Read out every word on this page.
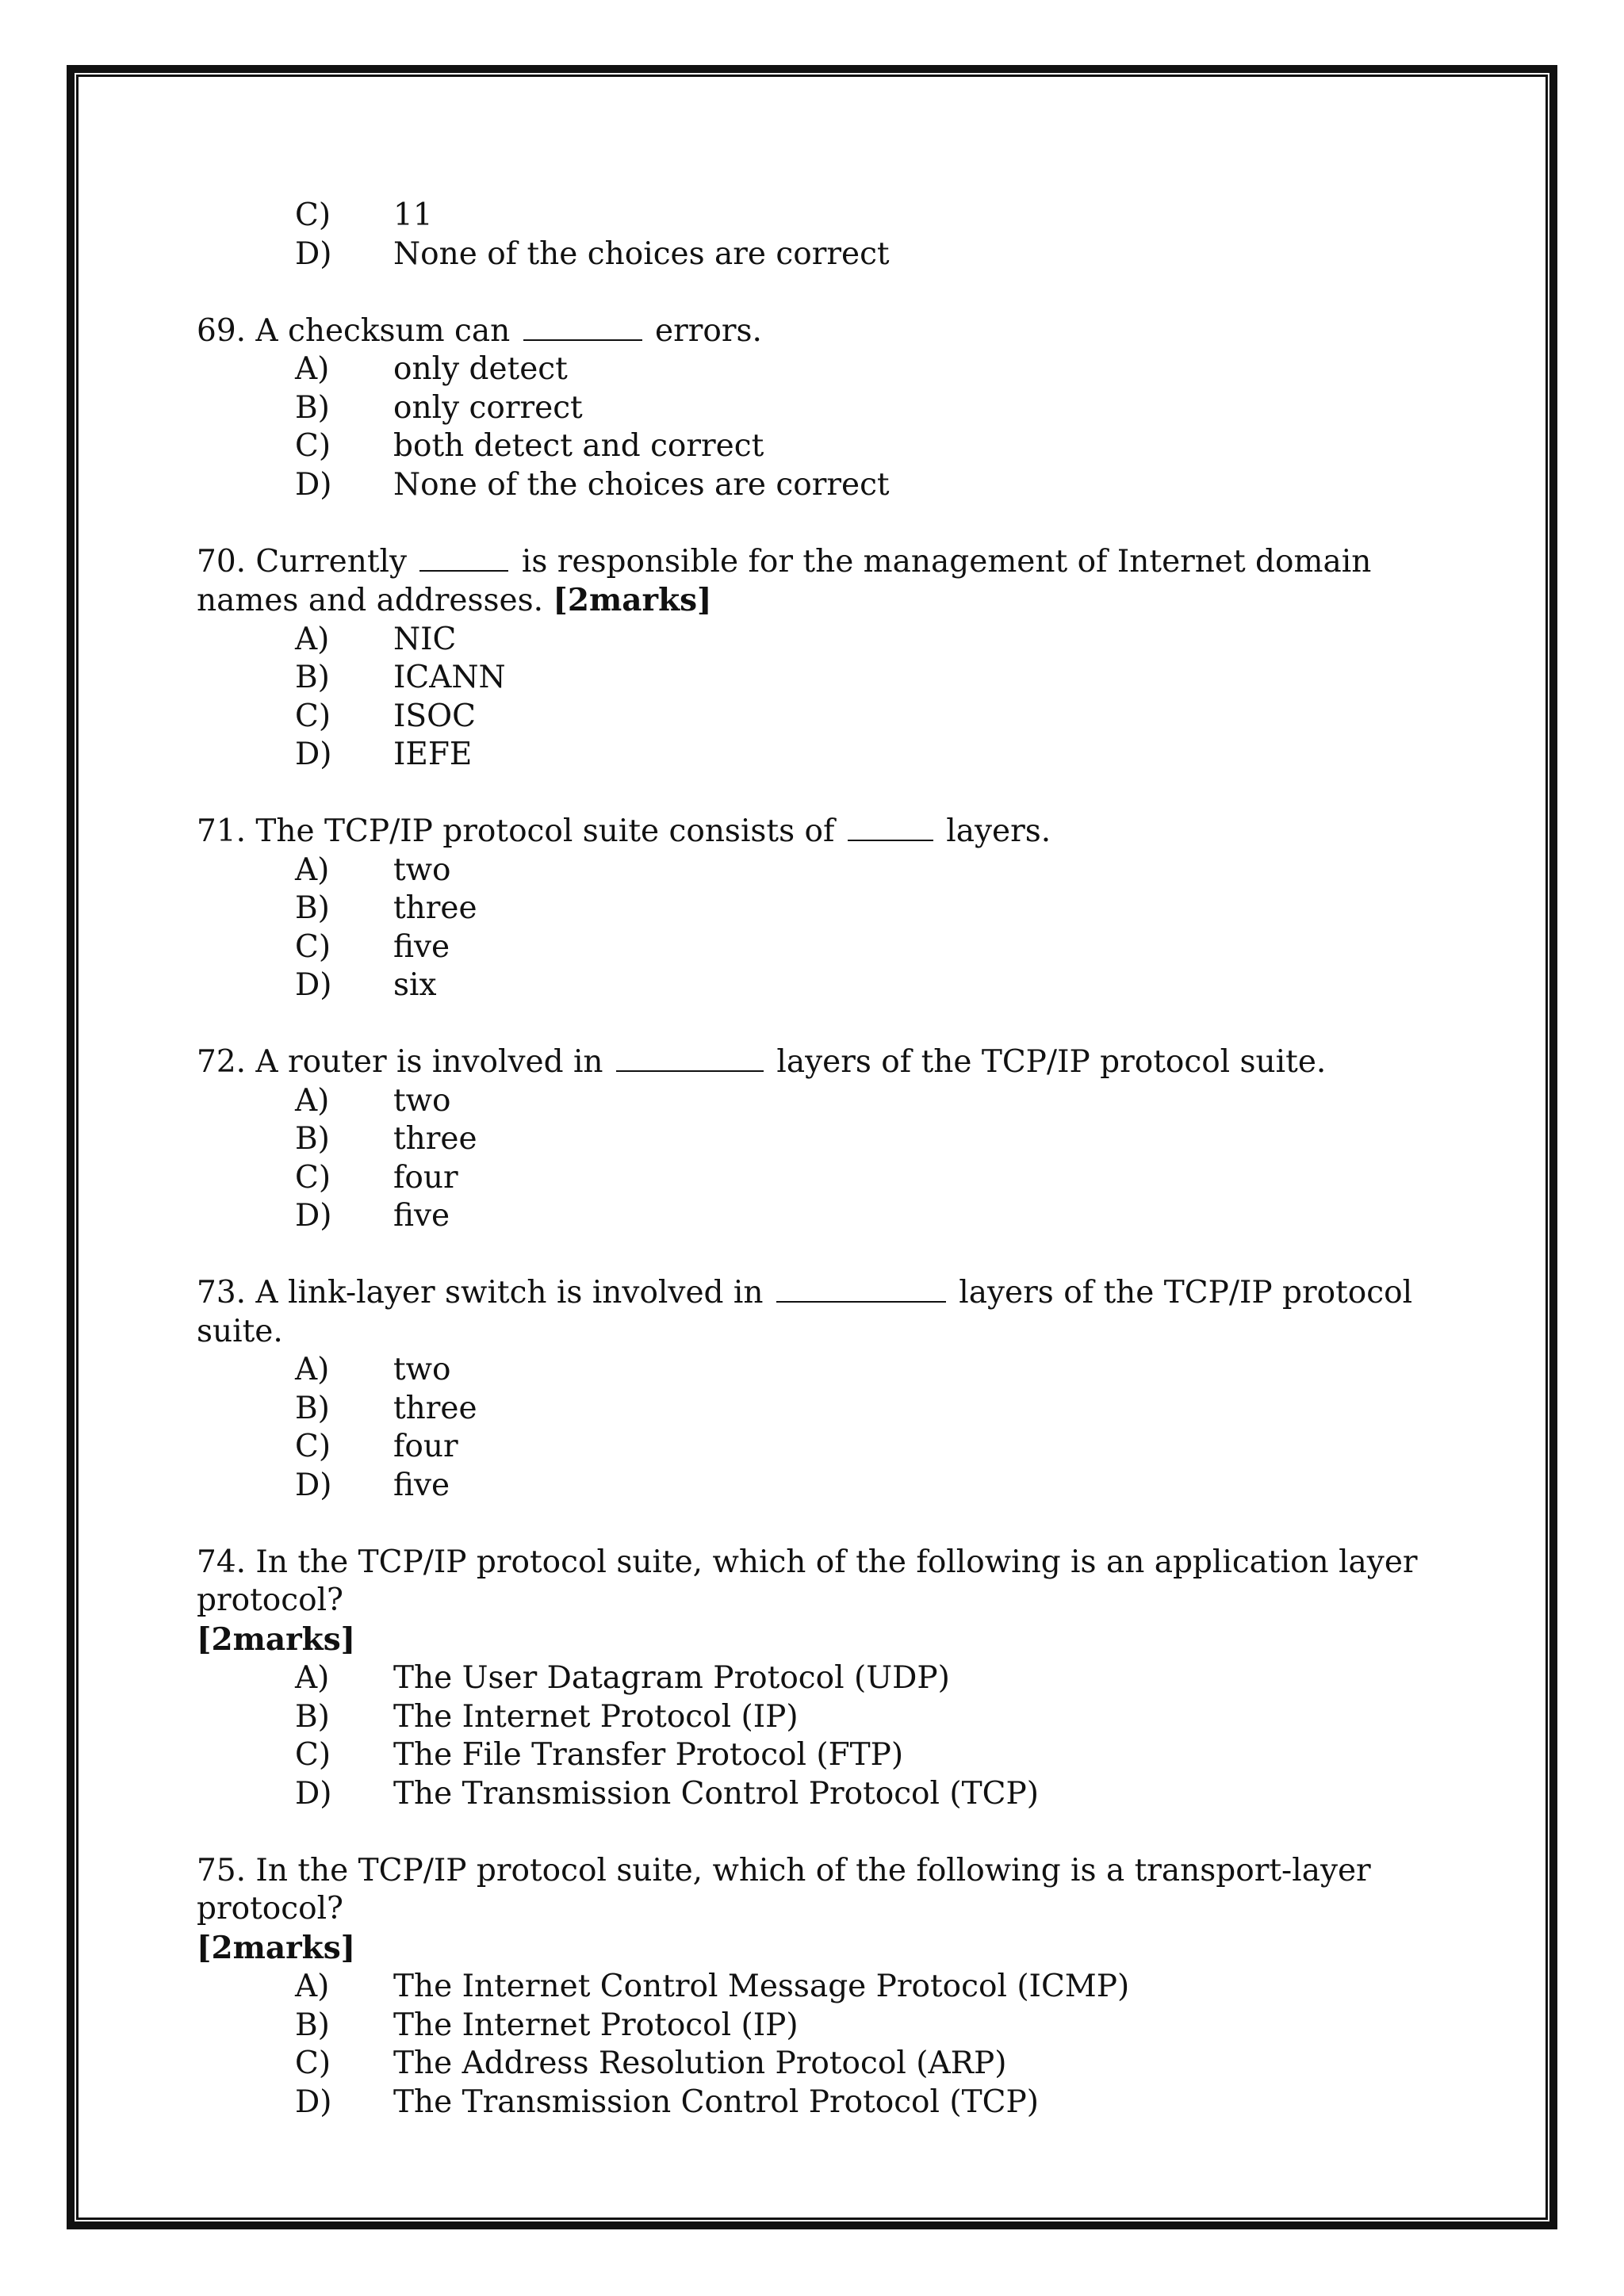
C)	11
D)	None of the choices are correct
69. A checksum can	errors.
A)	only detect
B)	only correct
C)	both detect and correct
D)	None of the choices are correct
70. Currently	is responsible for the management of Internet domain names and addresses. [2marks]
A)	NIC
B)	ICANN
C)	ISOC
D)	IEFE
71. The TCP/IP protocol suite consists of	layers.
A)	two
B)	three
C)	five
D)	six
72. A router is involved in	layers of the TCP/IP protocol suite.
A)	two
B)	three
C)	four
D)	five
73. A link-layer switch is involved in	layers of the TCP/IP protocol suite.
A)	two
B)	three
C)	four
D)	five
74. In the TCP/IP protocol suite, which of the following is an application layer protocol?
[2marks]
A)	The User Datagram Protocol (UDP)
B)	The Internet Protocol (IP)
C)	The File Transfer Protocol (FTP)
D)	The Transmission Control Protocol (TCP)
75. In the TCP/IP protocol suite, which of the following is a transport-layer protocol?
[2marks]
A)	The Internet Control Message Protocol (ICMP)
B)	The Internet Protocol (IP)
C)	The Address Resolution Protocol (ARP)
D)	The Transmission Control Protocol (TCP)
